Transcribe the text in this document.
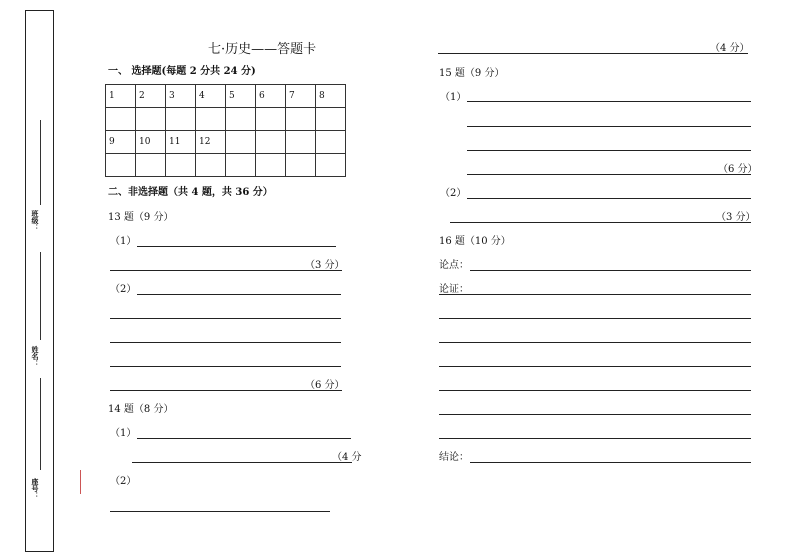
班级：
姓名：
座号：
七·历史——答题卡
一、 选择题(每题 2 分共 24 分)
1	2	3	4	5	6	7	8

9	10	11	12				

二、非选择题（共 4 题，共 36 分）
13 题（9 分）
（1）
（3 分）
（2）
（6 分）
14 题（8 分）
（1）
（4 分
（2）
（4 分）
15 题（9 分）
（1）
（6 分）
（2）
（3 分）
16 题（10 分）
论点：
论证：
结论：
